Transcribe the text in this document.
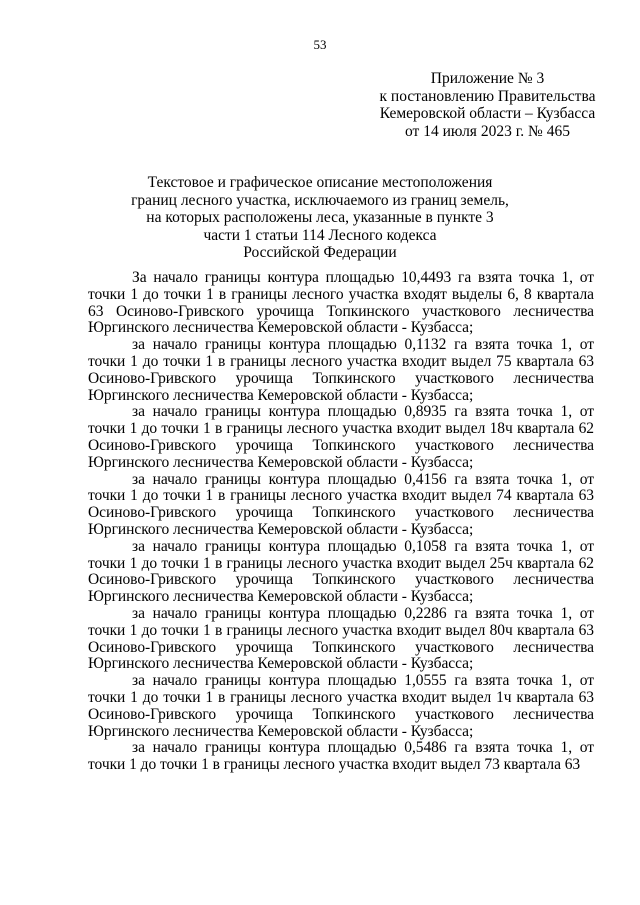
53
Приложение № 3
к постановлению Правительства
Кемеровской области – Кузбасса
от 14 июля 2023 г. № 465
Текстовое и графическое описание местоположения
границ лесного участка, исключаемого из границ земель,
на которых расположены леса, указанные в пункте 3
части 1 статьи 114 Лесного кодекса
Российской Федерации

За начало границы контура площадью 10,4493 га взята точка 1, от точки 1 до точки 1 в границы лесного участка входят выделы 6, 8 квартала 63 Осиново-Гривского урочища Топкинского участкового лесничества Юргинского лесничества Кемеровской области - Кузбасса;

за начало границы контура площадью 0,1132 га взята точка 1, от точки 1 до точки 1 в границы лесного участка входит выдел 75 квартала 63 Осиново-Гривского урочища Топкинского участкового лесничества Юргинского лесничества Кемеровской области - Кузбасса;

за начало границы контура площадью 0,8935 га взята точка 1, от точки 1 до точки 1 в границы лесного участка входит выдел 18ч квартала 62 Осиново-Гривского урочища Топкинского участкового лесничества Юргинского лесничества Кемеровской области - Кузбасса;

за начало границы контура площадью 0,4156 га взята точка 1, от точки 1 до точки 1 в границы лесного участка входит выдел 74 квартала 63 Осиново-Гривского урочища Топкинского участкового лесничества Юргинского лесничества Кемеровской области - Кузбасса;

за начало границы контура площадью 0,1058 га взята точка 1, от точки 1 до точки 1 в границы лесного участка входит выдел 25ч квартала 62 Осиново-Гривского урочища Топкинского участкового лесничества Юргинского лесничества Кемеровской области - Кузбасса;

за начало границы контура площадью 0,2286 га взята точка 1, от точки 1 до точки 1 в границы лесного участка входит выдел 80ч квартала 63 Осиново-Гривского урочища Топкинского участкового лесничества Юргинского лесничества Кемеровской области - Кузбасса;

за начало границы контура площадью 1,0555 га взята точка 1, от точки 1 до точки 1 в границы лесного участка входит выдел 1ч квартала 63 Осиново-Гривского урочища Топкинского участкового лесничества Юргинского лесничества Кемеровской области - Кузбасса;

за начало границы контура площадью 0,5486 га взята точка 1, от точки 1 до точки 1 в границы лесного участка входит выдел 73 квартала 63
